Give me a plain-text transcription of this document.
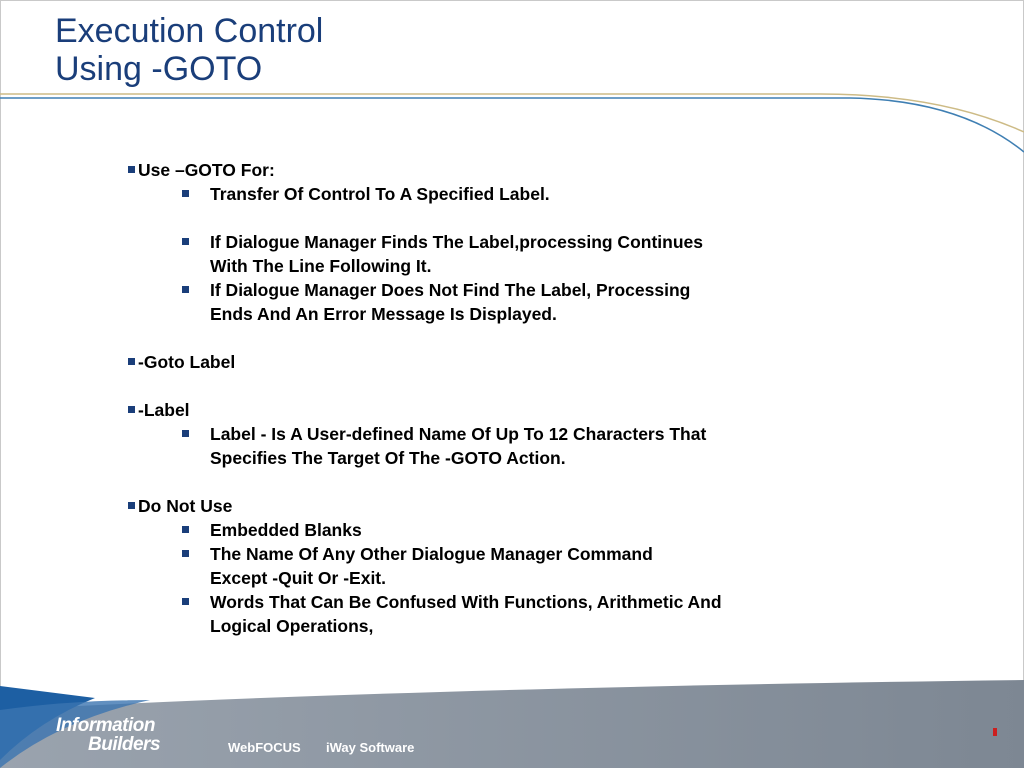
Execution Control
Using -GOTO
Use –GOTO For:
Transfer Of Control To A Specified Label.
If Dialogue Manager Finds The Label,processing Continues
With The Line Following It.
If Dialogue Manager Does Not Find The Label, Processing
Ends And An Error Message Is Displayed.
-Goto Label
-Label
Label - Is A User-defined Name Of Up To 12 Characters That
Specifies The Target Of The -GOTO Action.
Do Not Use
Embedded Blanks
The Name Of Any Other Dialogue Manager Command
Except -Quit Or -Exit.
Words That Can Be Confused With Functions, Arithmetic And
Logical Operations,
Information
Builders	WebFOCUS iWay Software
